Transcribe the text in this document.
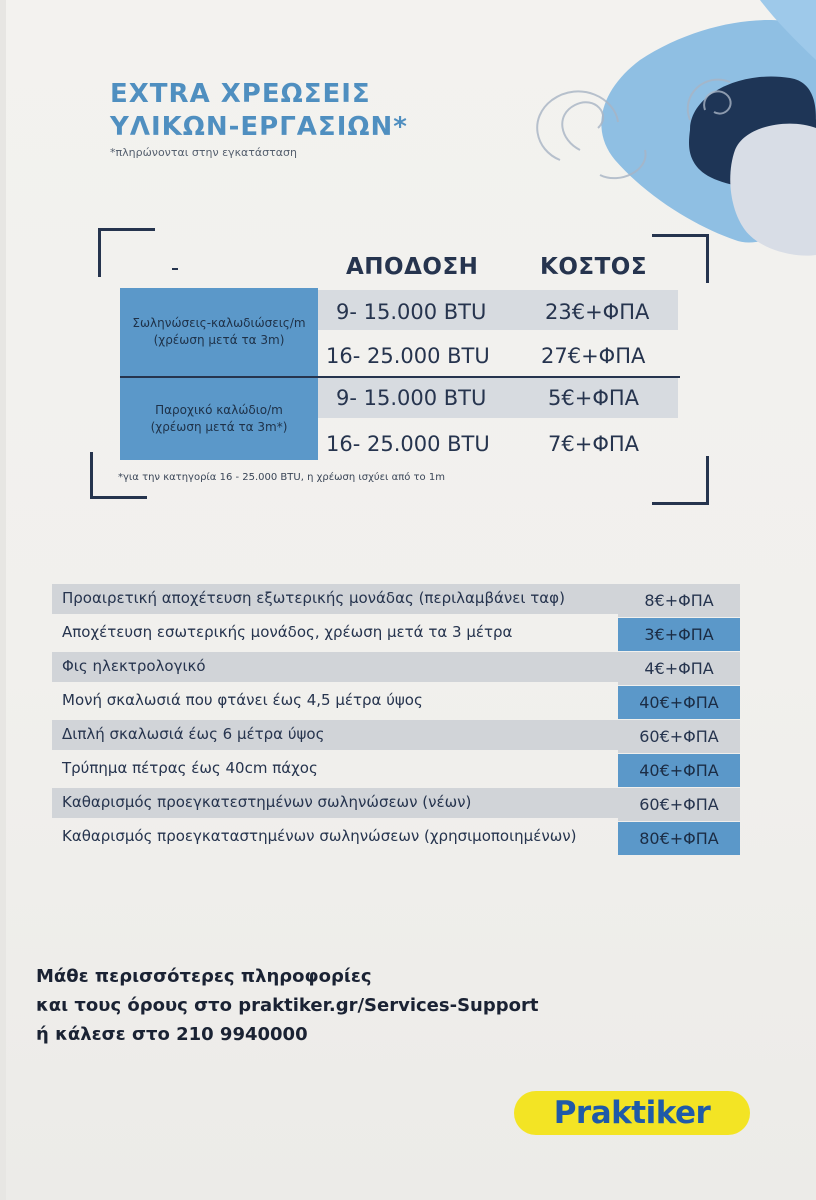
EXTRA ΧΡΕΩΣΕΙΣ
ΥΛΙΚΩΝ-ΕΡΓΑΣΙΩΝ*
*πληρώνονται στην εγκατάσταση
ΑΠΟΔΟΣΗ	ΚΟΣΤΟΣ
Σωληνώσεις-καλωδιώσεις/m
(χρέωση μετά τα 3m)
9- 15.000 BTU	23€+ΦΠΑ
16- 25.000 BTU 27€+ΦΠΑ
Παροχικό καλώδιο/m
(χρέωση μετά τα 3m*)
9- 15.000 BTU	5€+ΦΠΑ
16- 25.000 BTU	7€+ΦΠΑ
*για την κατηγορία 16 - 25.000 BTU, η χρέωση ισχύει από το 1m
Προαιρετική αποχέτευση εξωτερικής μονάδας (περιλαμβάνει ταφ)	8€+ΦΠΑ
Αποχέτευση εσωτερικής μονάδος, χρέωση μετά τα 3 μέτρα	3€+ΦΠΑ
Φις ηλεκτρολογικό	4€+ΦΠΑ
Μονή σκαλωσιά που φτάνει έως 4,5 μέτρα ύψος	40€+ΦΠΑ
Διπλή σκαλωσιά έως 6 μέτρα ύψος	60€+ΦΠΑ
Τρύπημα πέτρας έως 40cm πάχος	40€+ΦΠΑ
Καθαρισμός προεγκατεστημένων σωληνώσεων (νέων)	60€+ΦΠΑ
Καθαρισμός προεγκαταστημένων σωληνώσεων (χρησιμοποιημένων)	80€+ΦΠΑ
Μάθε περισσότερες πληροφορίες
και τους όρους στο praktiker.gr/Services-Support
ή κάλεσε στο 210 9940000
Praktiker
